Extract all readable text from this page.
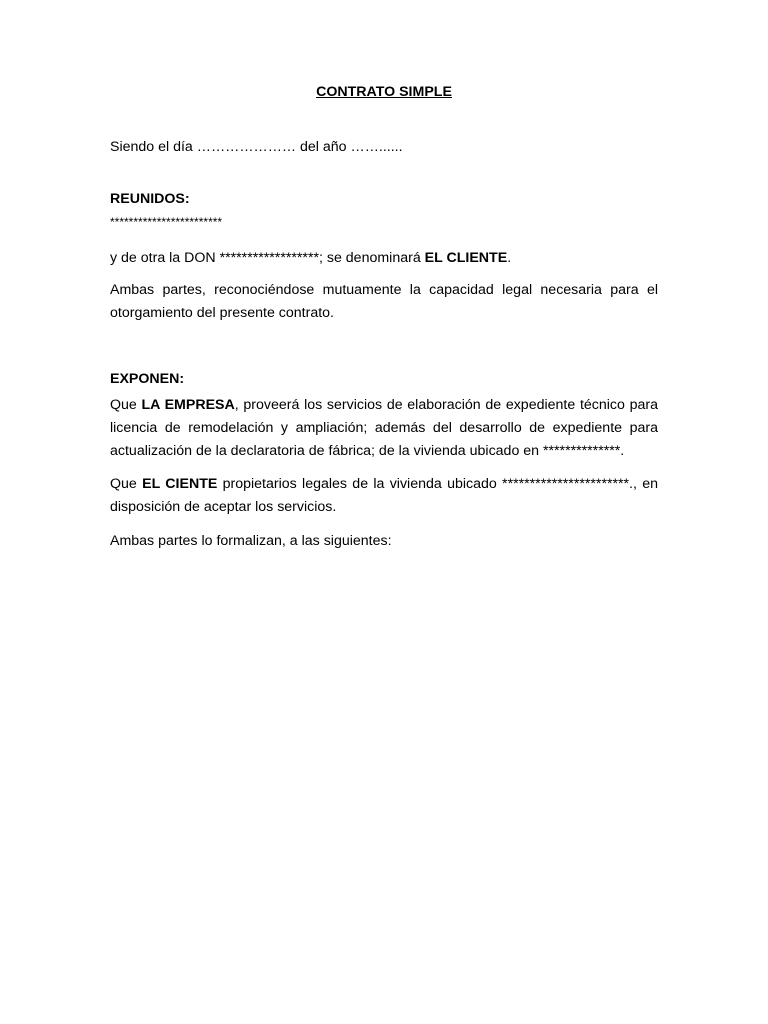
CONTRATO SIMPLE

Siendo el día ………………… del año ……......

REUNIDOS:

************************

y de otra la DON ******************; se denominará EL CLIENTE.

Ambas partes, reconociéndose mutuamente la capacidad legal necesaria para el otorgamiento del presente contrato.

EXPONEN:

Que LA EMPRESA, proveerá los servicios de elaboración de expediente técnico para licencia de remodelación y ampliación; además del desarrollo de expediente para actualización de la declaratoria de fábrica; de la vivienda ubicado en **************.

Que EL CIENTE propietarios legales de la vivienda ubicado ***********************., en disposición de aceptar los servicios.

Ambas partes lo formalizan, a las siguientes:
